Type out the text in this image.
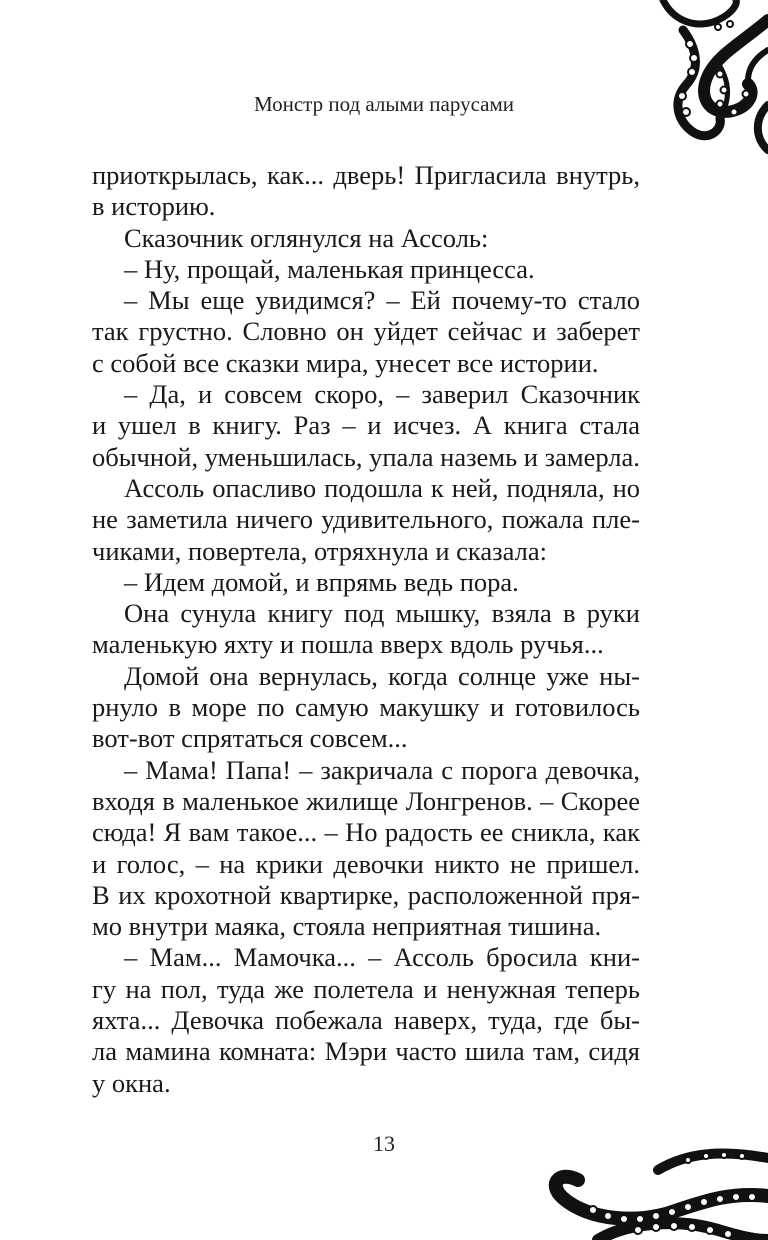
Монстр под алыми парусами
приоткрылась, как... дверь! Пригласила внутрь,
в историю.
Сказочник оглянулся на Ассоль:
– Ну, прощай, маленькая принцесса.
– Мы еще увидимся? – Ей почему-то стало
так грустно. Словно он уйдет сейчас и заберет
с собой все сказки мира, унесет все истории.
– Да, и совсем скоро, – заверил Сказочник
и ушел в книгу. Раз – и исчез. А книга стала
обычной, уменьшилась, упала наземь и замерла.
Ассоль опасливо подошла к ней, подняла, но
не заметила ничего удивительного, пожала пле-
чиками, повертела, отряхнула и сказала:
– Идем домой, и впрямь ведь пора.
Она сунула книгу под мышку, взяла в руки
маленькую яхту и пошла вверх вдоль ручья...
Домой она вернулась, когда солнце уже ны-
рнуло в море по самую макушку и готовилось
вот-вот спрятаться совсем...
– Мама! Папа! – закричала с порога девочка,
входя в маленькое жилище Лонгренов. – Скорее
сюда! Я вам такое... – Но радость ее сникла, как
и голос, – на крики девочки никто не пришел.
В их крохотной квартирке, расположенной пря-
мо внутри маяка, стояла неприятная тишина.
– Мам... Мамочка... – Ассоль бросила кни-
гу на пол, туда же полетела и ненужная теперь
яхта... Девочка побежала наверх, туда, где бы-
ла мамина комната: Мэри часто шила там, сидя
у окна.
13
